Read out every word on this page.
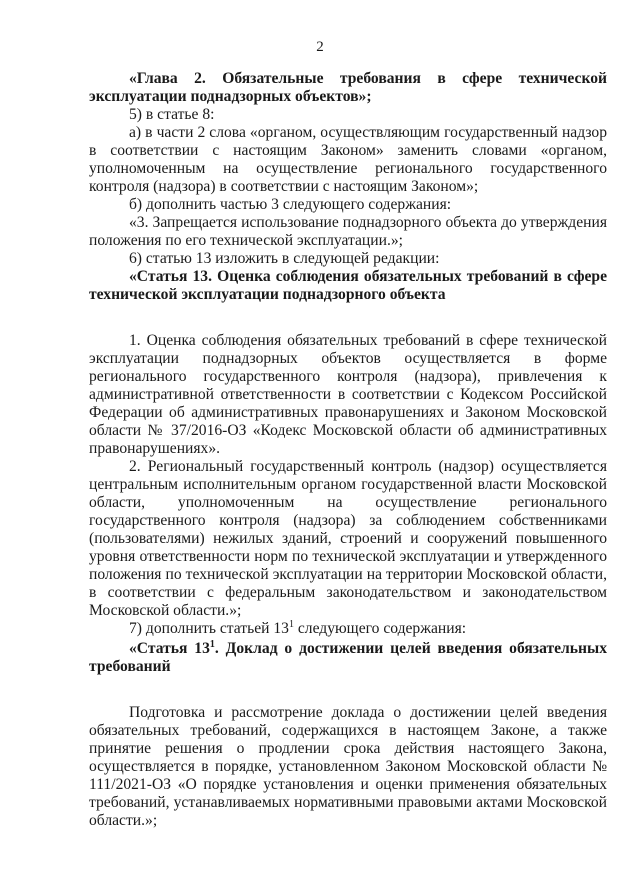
2

«Глава 2. Обязательные требования в сфере технической эксплуатации поднадзорных объектов»;

5) в статье 8:

а) в части 2 слова «органом, осуществляющим государственный надзор в соответствии с настоящим Законом» заменить словами «органом, уполномоченным на осуществление регионального государственного контроля (надзора) в соответствии с настоящим Законом»;

б) дополнить частью 3 следующего содержания:

«3. Запрещается использование поднадзорного объекта до утверждения положения по его технической эксплуатации.»;

6) статью 13 изложить в следующей редакции:

«Статья 13. Оценка соблюдения обязательных требований в сфере технической эксплуатации поднадзорного объекта

1. Оценка соблюдения обязательных требований в сфере технической эксплуатации поднадзорных объектов осуществляется в форме регионального государственного контроля (надзора), привлечения к административной ответственности в соответствии с Кодексом Российской Федерации об административных правонарушениях и Законом Московской области № 37/2016-ОЗ «Кодекс Московской области об административных правонарушениях».

2. Региональный государственный контроль (надзор) осуществляется центральным исполнительным органом государственной власти Московской области, уполномоченным на осуществление регионального государственного контроля (надзора) за соблюдением собственниками (пользователями) нежилых зданий, строений и сооружений повышенного уровня ответственности норм по технической эксплуатации и утвержденного положения по технической эксплуатации на территории Московской области, в соответствии с федеральным законодательством и законодательством Московской области.»;

7) дополнить статьей $13^1$ следующего содержания:

«Статья $13^1$. Доклад о достижении целей введения обязательных требований

Подготовка и рассмотрение доклада о достижении целей введения обязательных требований, содержащихся в настоящем Законе, а также принятие решения о продлении срока действия настоящего Закона, осуществляется в порядке, установленном Законом Московской области № 111/2021-ОЗ «О порядке установления и оценки применения обязательных требований, устанавливаемых нормативными правовыми актами Московской области.»;
